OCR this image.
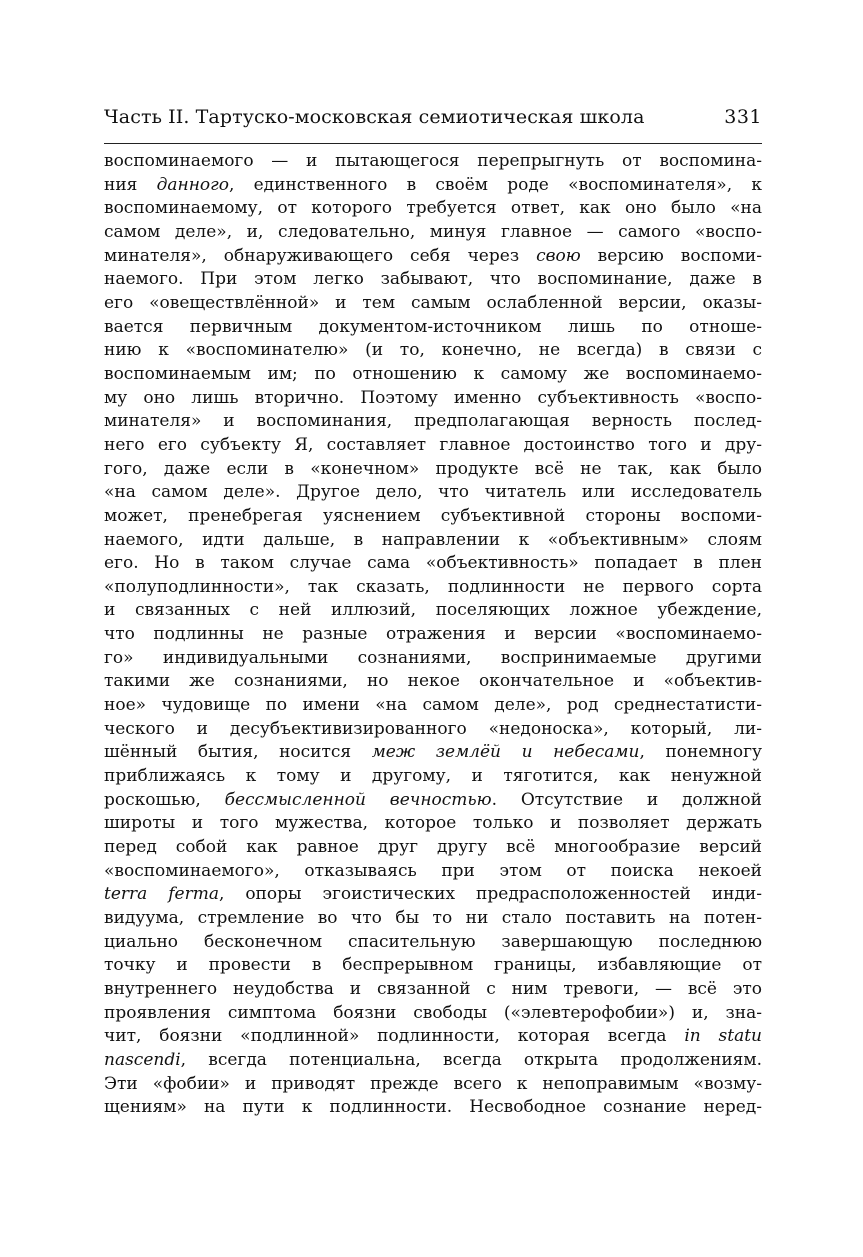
Часть II. Тартуско-московская семиотическая школа	331
воспоминаемого — и пытающегося перепрыгнуть от воспомина-
ния данного, единственного в своём роде «воспоминателя», к
воспоминаемому, от которого требуется ответ, как оно было «на
самом деле», и, следовательно, минуя главное — самого «воспо-
минателя», обнаруживающего себя через свою версию воспоми-
наемого. При этом легко забывают, что воспоминание, даже в
его «овеществлённой» и тем самым ослабленной версии, оказы-
вается первичным документом-источником лишь по отноше-
нию к «воспоминателю» (и то, конечно, не всегда) в связи с
воспоминаемым им; по отношению к самому же воспоминаемо-
му оно лишь вторично. Поэтому именно субъективность «воспо-
минателя» и воспоминания, предполагающая верность послед-
него его субъекту Я, составляет главное достоинство того и дру-
гого, даже если в «конечном» продукте всё не так, как было
«на самом деле». Другое дело, что читатель или исследователь
может, пренебрегая уяснением субъективной стороны воспоми-
наемого, идти дальше, в направлении к «объективным» слоям
его. Но в таком случае сама «объективность» попадает в плен
«полуподлинности», так сказать, подлинности не первого сорта
и связанных с ней иллюзий, поселяющих ложное убеждение,
что подлинны не разные отражения и версии «воспоминаемо-
го» индивидуальными сознаниями, воспринимаемые другими
такими же сознаниями, но некое окончательное и «объектив-
ное» чудовище по имени «на самом деле», род среднестатисти-
ческого и десубъективизированного «недоноска», который, ли-
шённый бытия, носится меж землёй и небесами, понемногу
приближаясь к тому и другому, и тяготится, как ненужной
роскошью, бессмысленной вечностью. Отсутствие и должной
широты и того мужества, которое только и позволяет держать
перед собой как равное друг другу всё многообразие версий
«воспоминаемого», отказываясь при этом от поиска некоей
terra ferma, опоры эгоистических предрасположенностей инди-
видуума, стремление во что бы то ни стало поставить на потен-
циально бесконечном спасительную завершающую последнюю
точку и провести в беспрерывном границы, избавляющие от
внутреннего неудобства и связанной с ним тревоги, — всё это
проявления симптома боязни свободы («элевтерофобии») и, зна-
чит, боязни «подлинной» подлинности, которая всегда in statu
nascendi, всегда потенциальна, всегда открыта продолжениям.
Эти «фобии» и приводят прежде всего к непоправимым «возму-
щениям» на пути к подлинности. Несвободное сознание неред-
